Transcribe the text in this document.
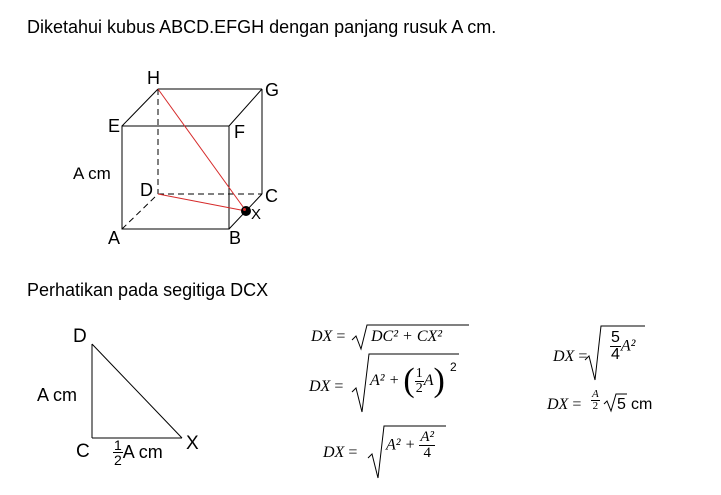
Diketahui kubus ABCD.EFGH dengan panjang rusuk A cm.
H
G
E	F
A cm
D	C
X
A	B
Perhatikan pada segitiga DCX
D
A cm
C	X
$\frac{1}{2}$ A cm
DX = DC² + CX²
DX = A² + ( $\frac{1}{2} A$) 2
DX = $A^2 + \frac{\text{A²}}{4}$
DX = $\frac{5}{4} A^2$
DX = $\frac{A}{2} 5$ cm
